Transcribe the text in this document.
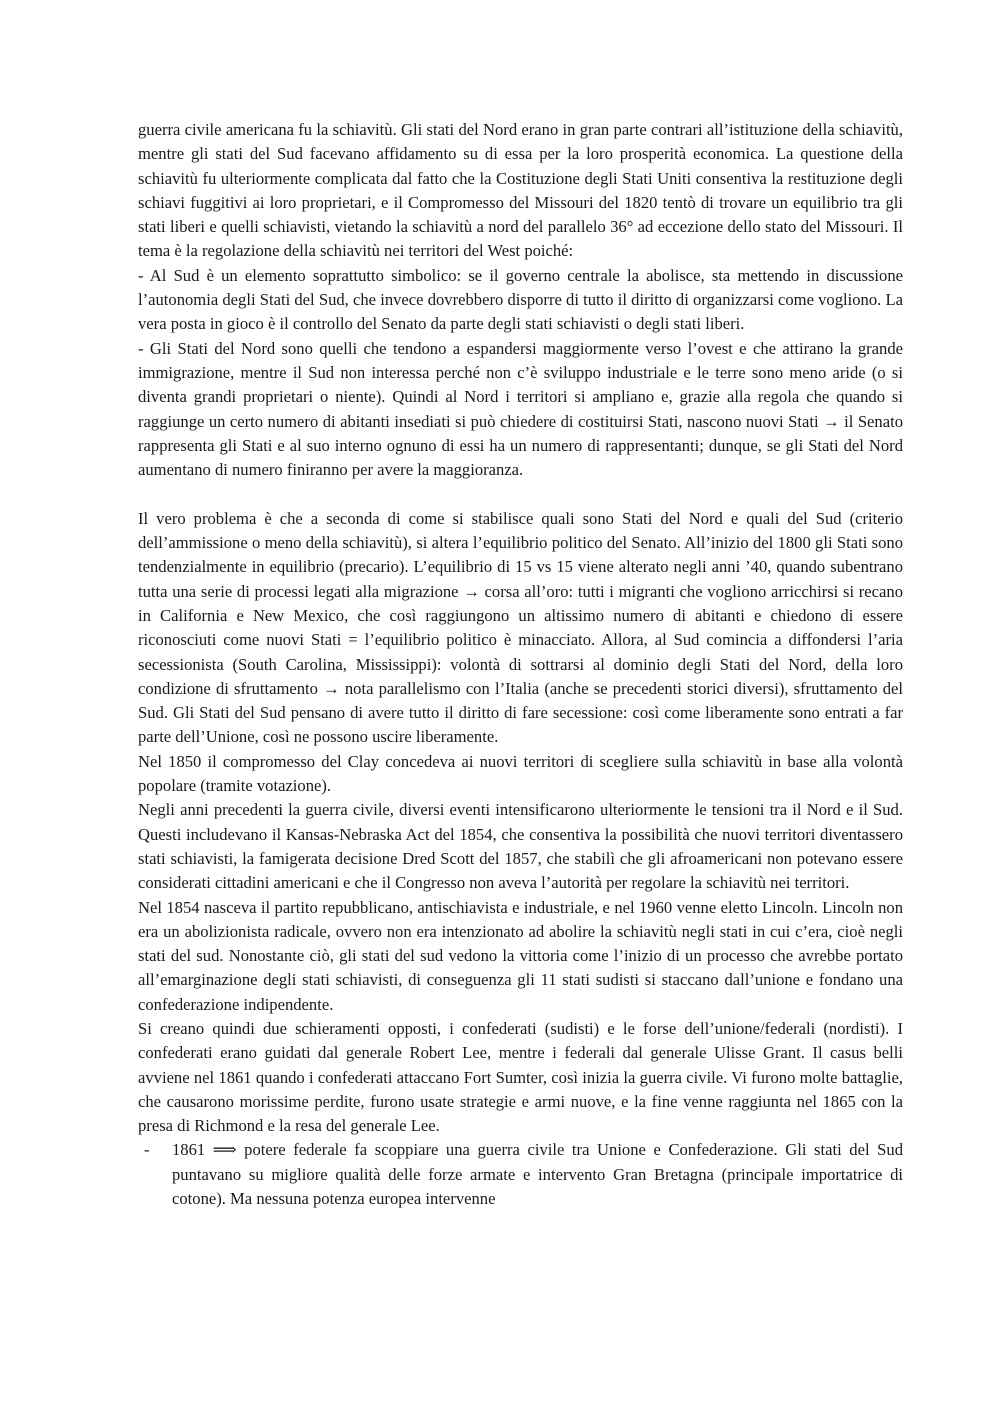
guerra civile americana fu la schiavitù. Gli stati del Nord erano in gran parte contrari all’istituzione della schiavitù, mentre gli stati del Sud facevano affidamento su di essa per la loro prosperità economica. La questione della schiavitù fu ulteriormente complicata dal fatto che la Costituzione degli Stati Uniti consentiva la restituzione degli schiavi fuggitivi ai loro proprietari, e il Compromesso del Missouri del 1820 tentò di trovare un equilibrio tra gli stati liberi e quelli schiavisti, vietando la schiavitù a nord del parallelo 36° ad eccezione dello stato del Missouri. Il tema è la regolazione della schiavitù nei territori del West poiché:

- Al Sud è un elemento soprattutto simbolico: se il governo centrale la abolisce, sta mettendo in discussione l’autonomia degli Stati del Sud, che invece dovrebbero disporre di tutto il diritto di organizzarsi come vogliono. La vera posta in gioco è il controllo del Senato da parte degli stati schiavisti o degli stati liberi.

- Gli Stati del Nord sono quelli che tendono a espandersi maggiormente verso l’ovest e che attirano la grande immigrazione, mentre il Sud non interessa perché non c’è sviluppo industriale e le terre sono meno aride (o si diventa grandi proprietari o niente). Quindi al Nord i territori si ampliano e, grazie alla regola che quando si raggiunge un certo numero di abitanti insediati si può chiedere di costituirsi Stati, nascono nuovi Stati → il Senato rappresenta gli Stati e al suo interno ognuno di essi ha un numero di rappresentanti; dunque, se gli Stati del Nord aumentano di numero finiranno per avere la maggioranza.

Il vero problema è che a seconda di come si stabilisce quali sono Stati del Nord e quali del Sud (criterio dell’ammissione o meno della schiavitù), si altera l’equilibrio politico del Senato. All’inizio del 1800 gli Stati sono tendenzialmente in equilibrio (precario). L’equilibrio di 15 vs 15 viene alterato negli anni ’40, quando subentrano tutta una serie di processi legati alla migrazione → corsa all’oro: tutti i migranti che vogliono arricchirsi si recano in California e New Mexico, che così raggiungono un altissimo numero di abitanti e chiedono di essere riconosciuti come nuovi Stati = l’equilibrio politico è minacciato. Allora, al Sud comincia a diffondersi l’aria secessionista (South Carolina, Mississippi): volontà di sottrarsi al dominio degli Stati del Nord, della loro condizione di sfruttamento → nota parallelismo con l’Italia (anche se precedenti storici diversi), sfruttamento del Sud. Gli Stati del Sud pensano di avere tutto il diritto di fare secessione: così come liberamente sono entrati a far parte dell’Unione, così ne possono uscire liberamente.

Nel 1850 il compromesso del Clay concedeva ai nuovi territori di scegliere sulla schiavitù in base alla volontà popolare (tramite votazione).

Negli anni precedenti la guerra civile, diversi eventi intensificarono ulteriormente le tensioni tra il Nord e il Sud. Questi includevano il Kansas-Nebraska Act del 1854, che consentiva la possibilità che nuovi territori diventassero stati schiavisti, la famigerata decisione Dred Scott del 1857, che stabilì che gli afroamericani non potevano essere considerati cittadini americani e che il Congresso non aveva l’autorità per regolare la schiavitù nei territori.

Nel 1854 nasceva il partito repubblicano, antischiavista e industriale, e nel 1960 venne eletto Lincoln. Lincoln non era un abolizionista radicale, ovvero non era intenzionato ad abolire la schiavitù negli stati in cui c’era, cioè negli stati del sud. Nonostante ciò, gli stati del sud vedono la vittoria come l’inizio di un processo che avrebbe portato all’emarginazione degli stati schiavisti, di conseguenza gli 11 stati sudisti si staccano dall’unione e fondano una confederazione indipendente.

Si creano quindi due schieramenti opposti, i confederati (sudisti) e le forse dell’unione/federali (nordisti). I confederati erano guidati dal generale Robert Lee, mentre i federali dal generale Ulisse Grant. Il casus belli avviene nel 1861 quando i confederati attaccano Fort Sumter, così inizia la guerra civile. Vi furono molte battaglie, che causarono morissime perdite, furono usate strategie e armi nuove, e la fine venne raggiunta nel 1865 con la presa di Richmond e la resa del generale Lee.

- 1861 ⟹ potere federale fa scoppiare una guerra civile tra Unione e Confederazione. Gli stati del Sud puntavano su migliore qualità delle forze armate e intervento Gran Bretagna (principale importatrice di cotone). Ma nessuna potenza europea intervenne
